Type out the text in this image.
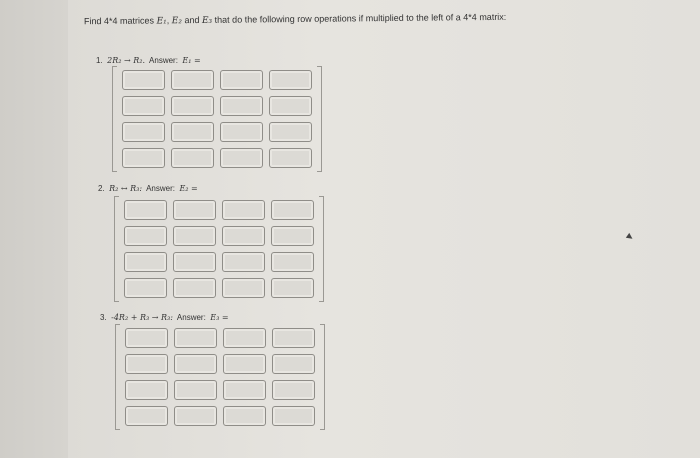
Find 4*4 matrices E₁, E₂ and E₃ that do the following row operations if multiplied to the left of a 4*4 matrix:
1. 2R₂ → R₂. Answer: E₁ =
2. R₂ ↔ R₃: Answer: E₂ =
3. -4R₂ + R₃ → R₃: Answer: E₃ =
